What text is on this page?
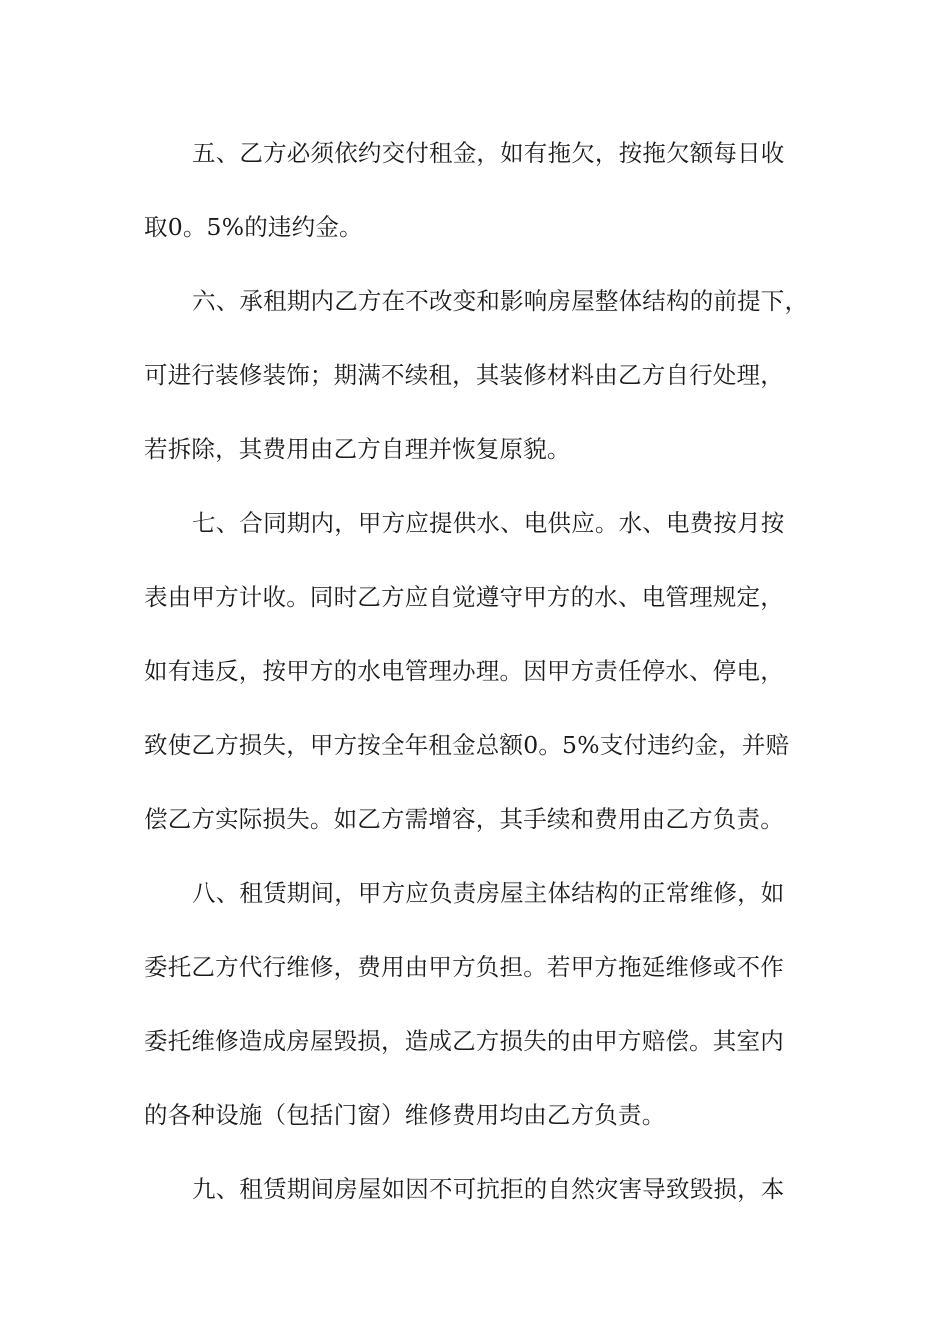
五、乙方必须依约交付租金，如有拖欠，按拖欠额每日收
取0。5%的违约金。
六、承租期内乙方在不改变和影响房屋整体结构的前提下，
可进行装修装饰；期满不续租，其装修材料由乙方自行处理，
若拆除，其费用由乙方自理并恢复原貌。
七、合同期内，甲方应提供水、电供应。水、电费按月按
表由甲方计收。同时乙方应自觉遵守甲方的水、电管理规定，
如有违反，按甲方的水电管理办理。因甲方责任停水、停电，
致使乙方损失，甲方按全年租金总额0。5%支付违约金，并赔
偿乙方实际损失。如乙方需增容，其手续和费用由乙方负责。
八、租赁期间，甲方应负责房屋主体结构的正常维修，如
委托乙方代行维修，费用由甲方负担。若甲方拖延维修或不作
委托维修造成房屋毁损，造成乙方损失的由甲方赔偿。其室内
的各种设施（包括门窗）维修费用均由乙方负责。
九、租赁期间房屋如因不可抗拒的自然灾害导致毁损，本
